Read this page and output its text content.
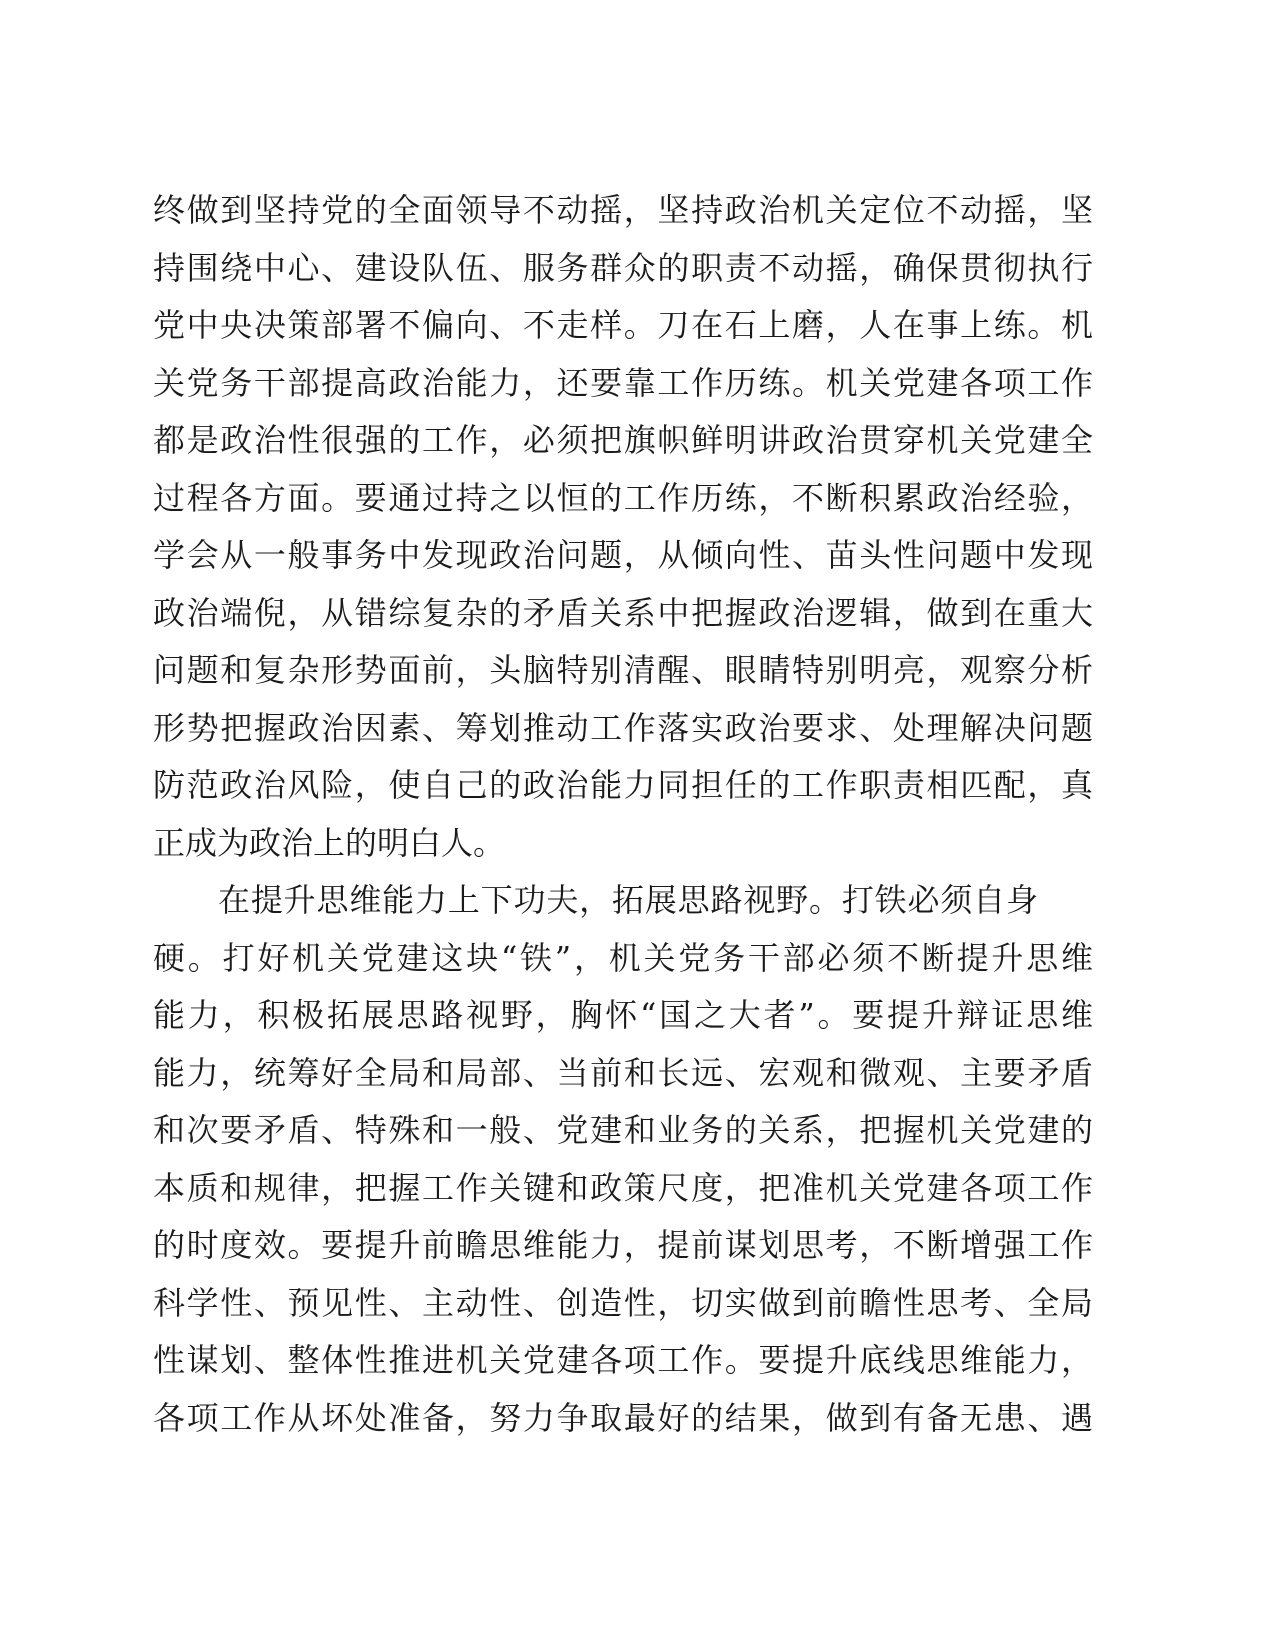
终做到坚持党的全面领导不动摇，坚持政治机关定位不动摇，坚
持围绕中心、建设队伍、服务群众的职责不动摇，确保贯彻执行
党中央决策部署不偏向、不走样。刀在石上磨，人在事上练。机
关党务干部提高政治能力，还要靠工作历练。机关党建各项工作
都是政治性很强的工作，必须把旗帜鲜明讲政治贯穿机关党建全
过程各方面。要通过持之以恒的工作历练，不断积累政治经验，
学会从一般事务中发现政治问题，从倾向性、苗头性问题中发现
政治端倪，从错综复杂的矛盾关系中把握政治逻辑，做到在重大
问题和复杂形势面前，头脑特别清醒、眼睛特别明亮，观察分析
形势把握政治因素、筹划推动工作落实政治要求、处理解决问题
防范政治风险，使自己的政治能力同担任的工作职责相匹配，真
正成为政治上的明白人。
在提升思维能力上下功夫，拓展思路视野。打铁必须自身
硬。打好机关党建这块“铁”，机关党务干部必须不断提升思维
能力，积极拓展思路视野，胸怀“国之大者”。要提升辩证思维
能力，统筹好全局和局部、当前和长远、宏观和微观、主要矛盾
和次要矛盾、特殊和一般、党建和业务的关系，把握机关党建的
本质和规律，把握工作关键和政策尺度，把准机关党建各项工作
的时度效。要提升前瞻思维能力，提前谋划思考，不断增强工作
科学性、预见性、主动性、创造性，切实做到前瞻性思考、全局
性谋划、整体性推进机关党建各项工作。要提升底线思维能力，
各项工作从坏处准备，努力争取最好的结果，做到有备无患、遇
